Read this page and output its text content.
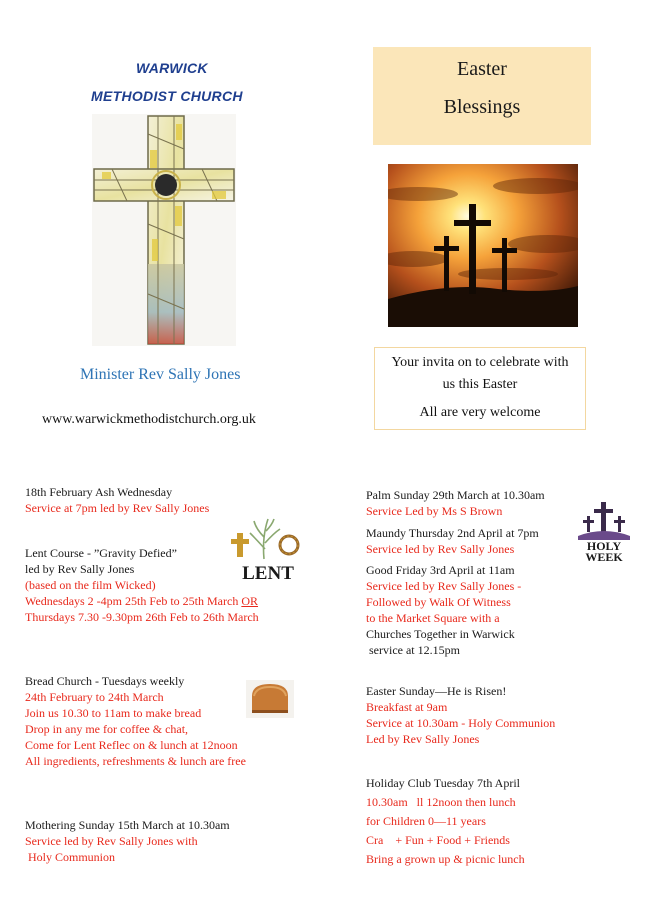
WARWICK
METHODIST CHURCH
Minister Rev Sally Jones
www.warwickmethodistchurch.org.uk
Easter
Blessings
Your invita on to celebrate with
us this Easter
All are very welcome
18th February Ash Wednesday
Service at 7pm led by Rev Sally Jones
Lent Course - ”Gravity Defied”
led by Rev Sally Jones
(based on the film Wicked)
Wednesdays 2 -4pm 25th Feb to 25th March OR
Thursdays 7.30 -9.30pm 26th Feb to 26th March
LENT
Bread Church - Tuesdays weekly
24th February to 24th March
Join us 10.30 to 11am to make bread
Drop in any me for coffee & chat,
Come for Lent Reflec on & lunch at 12noon
All ingredients, refreshments & lunch are free
Mothering Sunday 15th March at 10.30am
Service led by Rev Sally Jones with
Holy Communion
Palm Sunday 29th March at 10.30am
Service Led by Ms S Brown
HOLY
WEEK
Maundy Thursday 2nd April at 7pm
Service led by Rev Sally Jones
Good Friday 3rd April at 11am
Service led by Rev Sally Jones -
Followed by Walk Of Witness
to the Market Square with a
Churches Together in Warwick
service at 12.15pm
Easter Sunday—He is Risen!
Breakfast at 9am
Service at 10.30am - Holy Communion
Led by Rev Sally Jones
Holiday Club Tuesday 7th April
10.30am   ll 12noon then lunch
for Children 0—11 years
Cra    + Fun + Food + Friends
Bring a grown up & picnic lunch
